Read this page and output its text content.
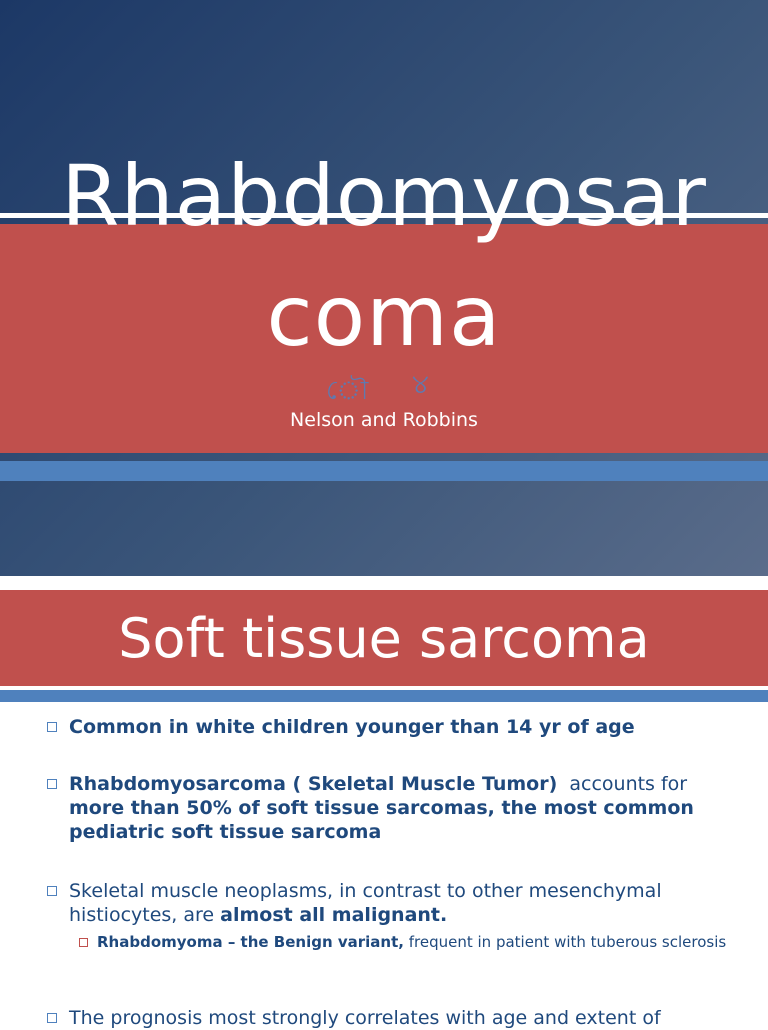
Rhabdomyosar
coma
ৌ ୪
Nelson and Robbins
Soft tissue sarcoma
Common in white children younger than 14 yr of age
Rhabdomyosarcoma ( Skeletal Muscle Tumor)  accounts for more than 50% of soft tissue sarcomas, the most common pediatric soft tissue sarcoma
Skeletal muscle neoplasms, in contrast to other mesenchymal histiocytes, are almost all malignant.
Rhabdomyoma – the Benign variant, frequent in patient with tuberous sclerosis
The prognosis most strongly correlates with age and extent of
